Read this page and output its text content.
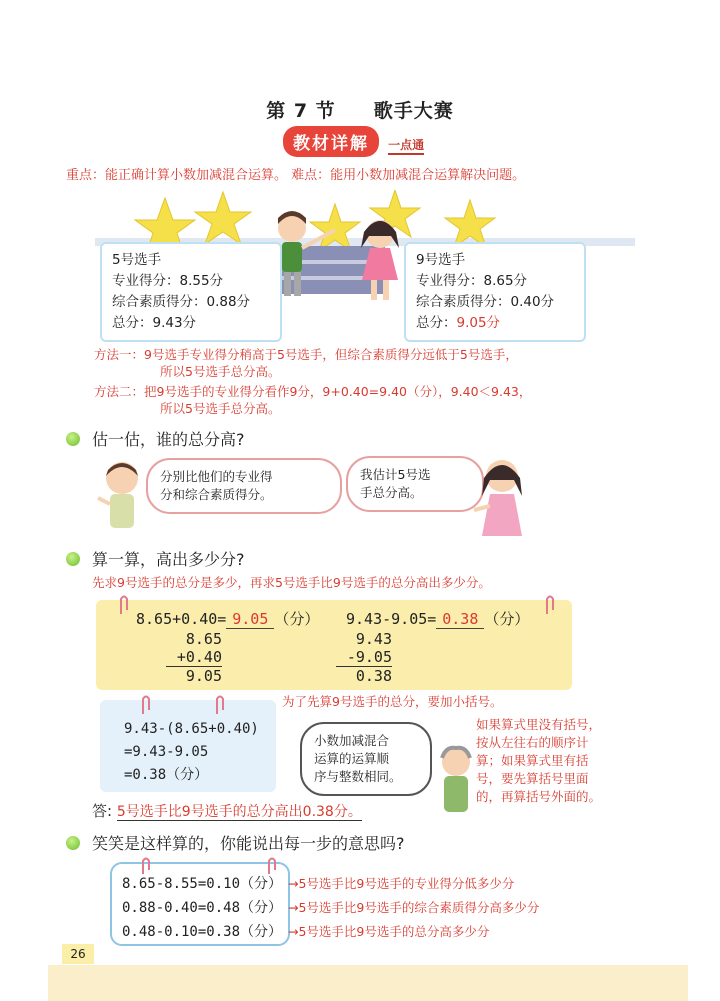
第 7 节 歌手大赛
教材详解 一点通
重点：能正确计算小数加减混合运算。 难点：能用小数加减混合运算解决问题。
5号选手
专业得分：8.55分
综合素质得分：0.88分
总分：9.43分
9号选手
专业得分：8.65分
综合素质得分：0.40分
总分：9.05分
方法一：9号选手专业得分稍高于5号选手，但综合素质得分远低于5号选手，
所以5号选手总分高。
方法二：把9号选手的专业得分看作9分，9+0.40=9.40（分），9.40＜9.43，
所以5号选手总分高。
估一估，谁的总分高?
分别比他们的专业得
分和综合素质得分。
我估计5号选
手总分高。
算一算，高出多少分?
先求9号选手的总分是多少，再求5号选手比9号选手的总分高出多少分。
8.65+0.40= 9.05 （分） 9.43-9.05= 0.38 （分）
8.65
+0.40
9.05
9.43
-9.05
0.38
为了先算9号选手的总分，要加小括号。
9.43-(8.65+0.40)
=9.43-9.05
=0.38（分）
小数加减混合
运算的运算顺
序与整数相同。
如果算式里没有括号，
按从左往右的顺序计
算；如果算式里有括
号，要先算括号里面
的，再算括号外面的。
答: 5号选手比9号选手的总分高出0.38分。
笑笑是这样算的，你能说出每一步的意思吗?
8.65-8.55=0.10（分）
0.88-0.40=0.48（分）
0.48-0.10=0.38（分）
→5号选手比9号选手的专业得分低多少分
→5号选手比9号选手的综合素质得分高多少分
→5号选手比9号选手的总分高多少分
26
